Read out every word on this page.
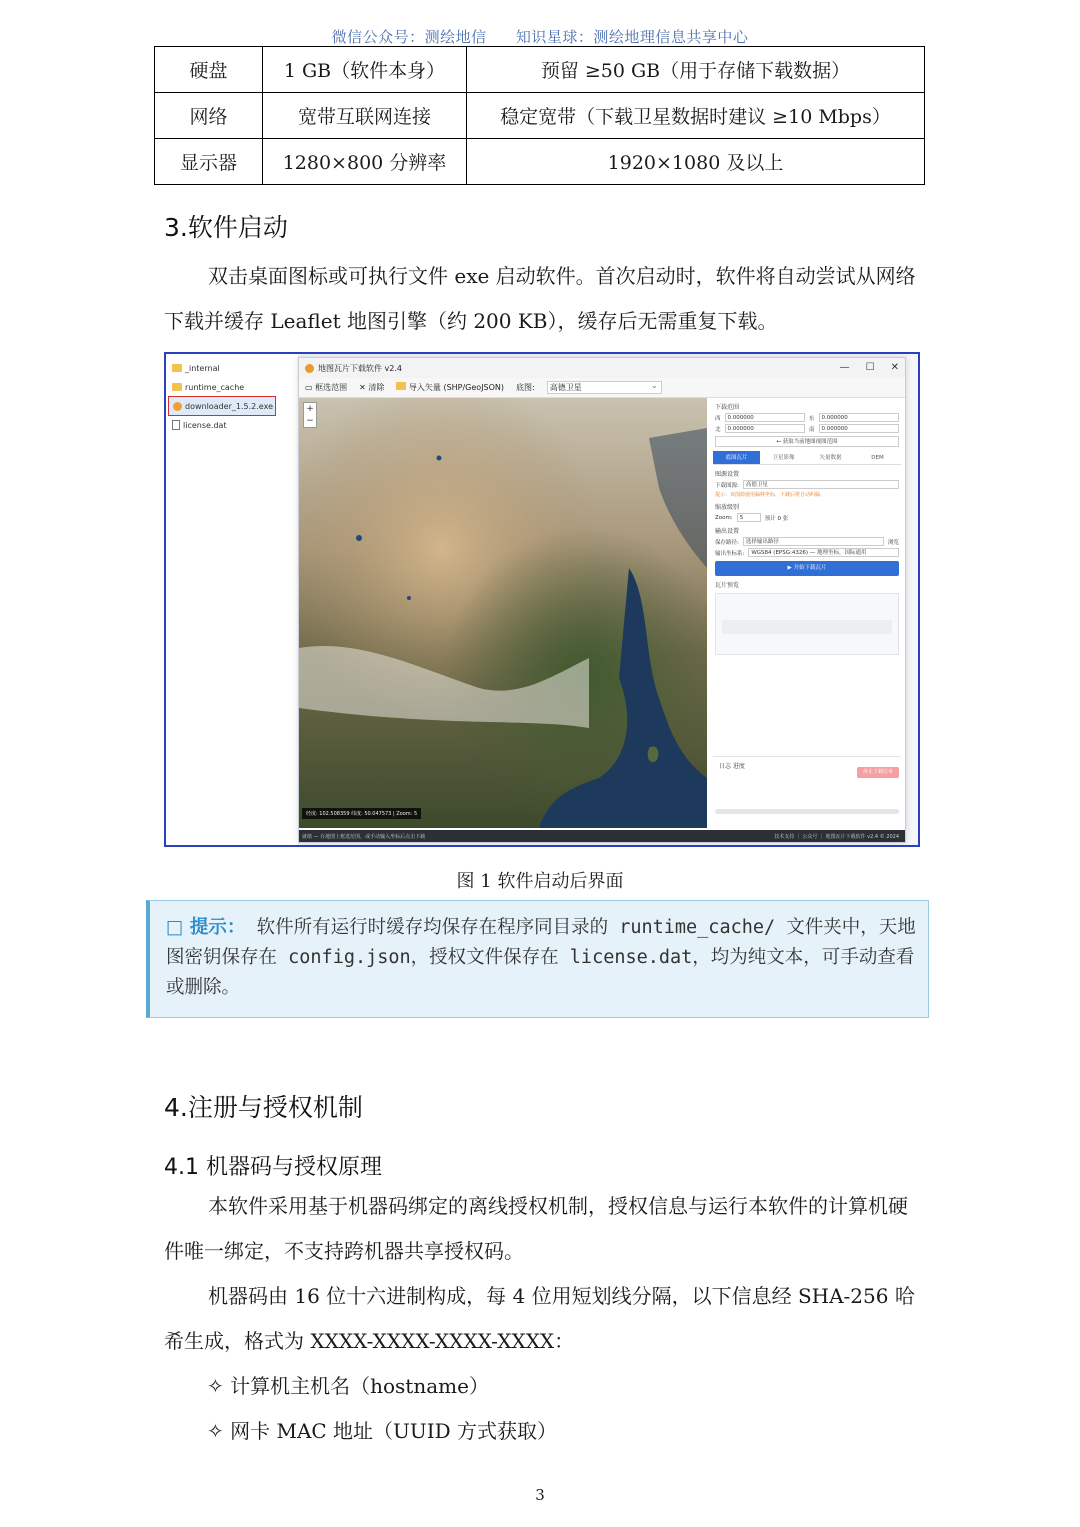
微信公众号：测绘地信 知识星球：测绘地理信息共享中心
硬盘	1 GB（软件本身）	预留 ≥50 GB（用于存储下载数据）
网络	宽带互联网连接	稳定宽带（下载卫星数据时建议 ≥10 Mbps）
显示器	1280×800 分辨率	1920×1080 及以上
3.软件启动
双击桌面图标或可执行文件 exe 启动软件。首次启动时，软件将自动尝试从网络下载并缓存 Leaflet 地图引擎（约 200 KB），缓存后无需重复下载。
_internal
runtime_cache
downloader_1.5.2.exe
license.dat
地图瓦片下载软件 v2.4	— ☐ ✕
▭ 框选范围 ✕ 清除	导入矢量 (SHP/GeoJSON) 底图:	高德卫星 ⌄
+
−
经度: 102.508359 纬度: 50.047573 | Zoom: 5
下载范围
西	0.000000	东	0.000000
北	0.000000	南	0.000000
← 获取当前地图视图范围
底图瓦片	卫星影像	矢量数据	DEM
图源设置
下载图源:	高德卫星
提示：该图源使用偏移坐标，下载后将自动纠偏。
缩放级别
Zoom:	5	预计 0 张
输出设置
保存路径:	选择输出路径	浏览
输出坐标系:	WGS84 (EPSG:4326) — 地理坐标，国际通用
▶ 开始下载瓦片
瓦片预览
日志 进度
停止下载任务
就绪 — 在地图上框选范围，或手动输入坐标后点击下载	技术支持 ｜ 公众号 ｜ 地图瓦片下载软件 v2.4 © 2024
图 1 软件启动后界面
□ 提示： 软件所有运行时缓存均保存在程序同目录的 runtime_cache/ 文件夹中，天地图密钥保存在 config.json，授权文件保存在 license.dat，均为纯文本，可手动查看或删除。
4.注册与授权机制
4.1 机器码与授权原理
本软件采用基于机器码绑定的离线授权机制，授权信息与运行本软件的计算机硬件唯一绑定，不支持跨机器共享授权码。
机器码由 16 位十六进制构成，每 4 位用短划线分隔，以下信息经 SHA-256 哈希生成，格式为 XXXX-XXXX-XXXX-XXXX：
✧ 计算机主机名（hostname）
✧ 网卡 MAC 地址（UUID 方式获取）
3
